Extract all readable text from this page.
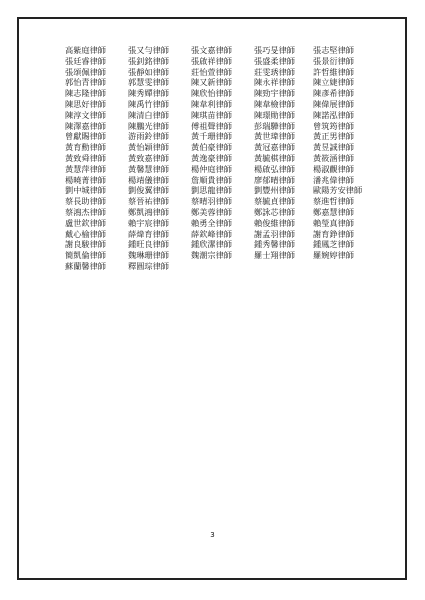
高紫庭律師	張又勻律師	張文嘉律師	張巧旻律師	張志堅律師
張廷睿律師	張釗銘律師	張啟祥律師	張盛柔律師	張景衍律師
張頌佩律師	張靜如律師	莊怡萱律師	莊雯琇律師	許哲維律師
郭怡青律師	郭慧雯律師	陳又新律師	陳永祥律師	陳立婕律師
陳志隆律師	陳秀嬋律師	陳欣怡律師	陳勁宇律師	陳彥希律師
陳思好律師	陳禹竹律師	陳韋利律師	陳韋檢律師	陳偉展律師
陳淳文律師	陳清白律師	陳琪苗律師	陳璟勛律師	陳諾泓律師
陳澤嘉律師	陳鵬光律師	傅祖聲律師	彭瑞驊律師	曾筑筠律師
曾獻賜律師	游雨鈴律師	黃千珊律師	黃世瑋律師	黃正男律師
黃育勳律師	黃怡穎律師	黃伯豪律師	黃冠嘉律師	黃昱誠律師
黃致舜律師	黃致嘉律師	黃逸豪律師	黃毓棋律師	黃筱涵律師
黃慧萍律師	黃馨慧律師	楊仲庭律師	楊啟弘律師	楊淑觀律師
楊曉菁律師	楊靖儀律師	詹順貴律師	廖郁晴律師	潘兆偉律師
劉中城律師	劉俊翼律師	劉思龍律師	劉豐州律師	歐陽芳安律師
蔡長助律師	蔡晉祐律師	蔡晴羽律師	蔡毓貞律師	蔡進哲律師
蔡鴻杰律師	鄭凱鴻律師	鄭美蓉律師	鄭詠芯律師	鄭嘉慧律師
盧世欽律師	賴宇宸律師	賴勇全律師	賴俊維律師	賴瑩真律師
戴心榆律師	薛煒育律師	薛欽峰律師	謝孟羽律師	謝育錚律師
謝良駿律師	鍾旺良律師	鍾欣潔律師	鍾秀馨律師	鍾鳳芝律師
簡凱倫律師	魏琳珊律師	魏潮宗律師	羅士翔律師	羅婉婷律師
蘇蘭馨律師	釋圓琮律師
3
